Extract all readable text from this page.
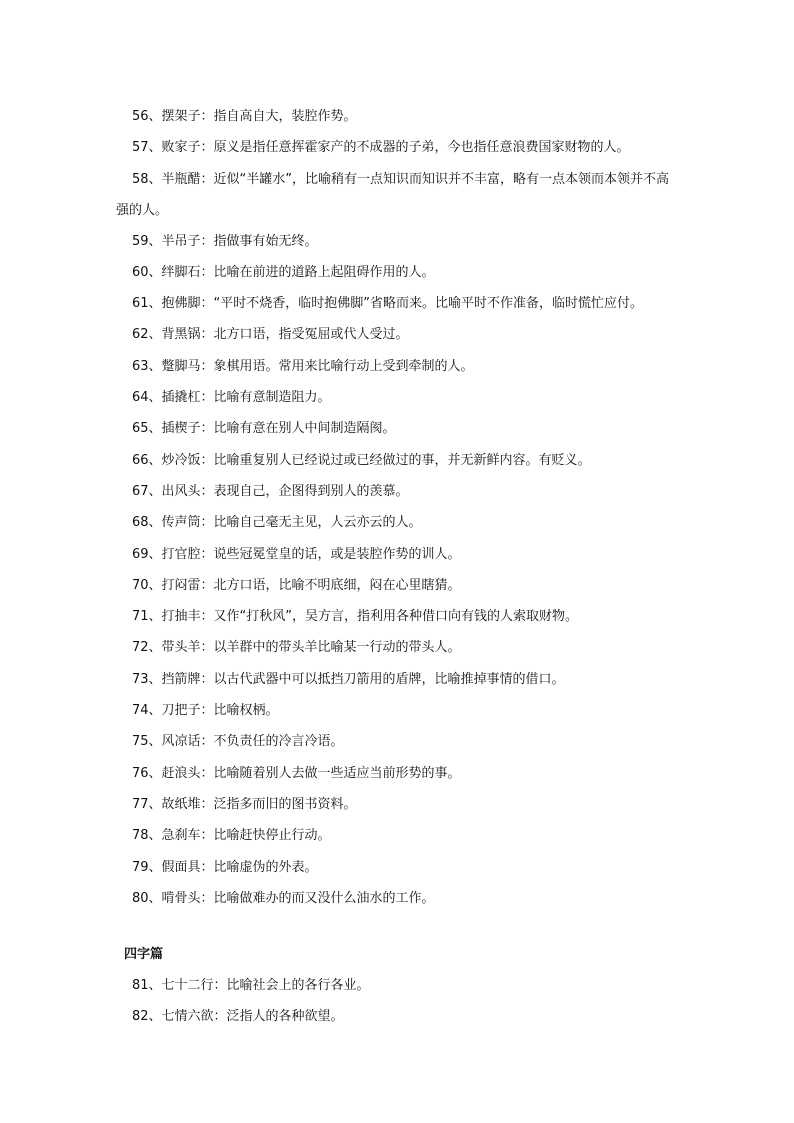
56、摆架子：指自高自大，装腔作势。

57、败家子：原义是指任意挥霍家产的不成器的子弟，今也指任意浪费国家财物的人。

58、半瓶醋：近似“半罐水”，比喻稍有一点知识而知识并不丰富，略有一点本领而本领并不高强的人。

59、半吊子：指做事有始无终。

60、绊脚石：比喻在前进的道路上起阻碍作用的人。

61、抱佛脚：“平时不烧香，临时抱佛脚”省略而来。比喻平时不作准备，临时慌忙应付。

62、背黑锅：北方口语，指受冤屈或代人受过。

63、蹩脚马：象棋用语。常用来比喻行动上受到牵制的人。

64、插撬杠：比喻有意制造阻力。

65、插楔子：比喻有意在别人中间制造隔阂。

66、炒冷饭：比喻重复别人已经说过或已经做过的事，并无新鲜内容。有贬义。

67、出风头：表现自己，企图得到别人的羡慕。

68、传声筒：比喻自己毫无主见，人云亦云的人。

69、打官腔：说些冠冕堂皇的话，或是装腔作势的训人。

70、打闷雷：北方口语，比喻不明底细，闷在心里瞎猜。

71、打抽丰：又作“打秋风”，吴方言，指利用各种借口向有钱的人索取财物。

72、带头羊：以羊群中的带头羊比喻某一行动的带头人。

73、挡箭牌：以古代武器中可以抵挡刀箭用的盾牌，比喻推掉事情的借口。

74、刀把子：比喻权柄。

75、风凉话：不负责任的冷言冷语。

76、赶浪头：比喻随着别人去做一些适应当前形势的事。

77、故纸堆：泛指多而旧的图书资料。

78、急刹车：比喻赶快停止行动。

79、假面具：比喻虚伪的外表。

80、啃骨头：比喻做难办的而又没什么油水的工作。

四字篇

81、七十二行：比喻社会上的各行各业。

82、七情六欲：泛指人的各种欲望。
